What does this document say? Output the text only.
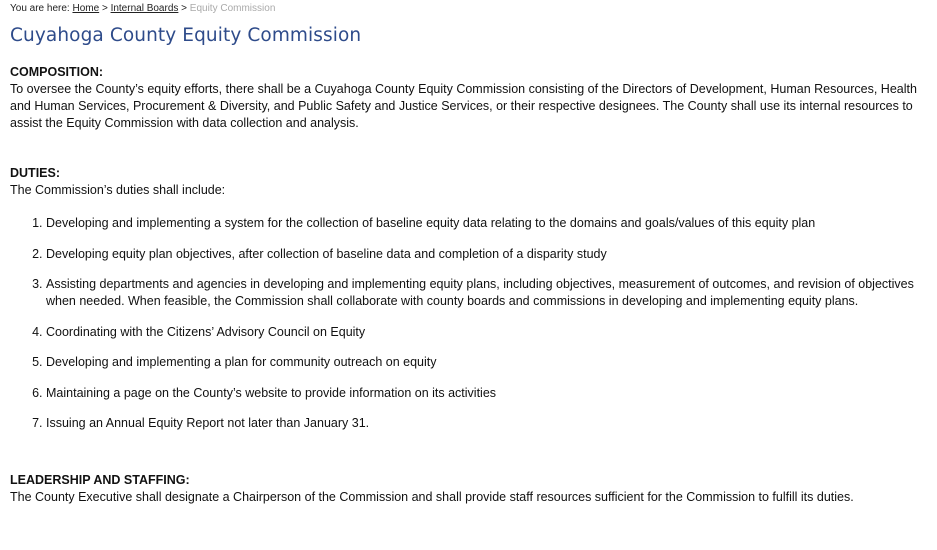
You are here: Home > Internal Boards > Equity Commission
Cuyahoga County Equity Commission

COMPOSITION:

To oversee the County’s equity efforts, there shall be a Cuyahoga County Equity Commission consisting of the Directors of Development, Human Resources, Health and Human Services, Procurement & Diversity, and Public Safety and Justice Services, or their respective designees. The County shall use its internal resources to assist the Equity Commission with data collection and analysis.

DUTIES:

The Commission’s duties shall include:

1. Developing and implementing a system for the collection of baseline equity data relating to the domains and goals/values of this equity plan
2. Developing equity plan objectives, after collection of baseline data and completion of a disparity study
3. Assisting departments and agencies in developing and implementing equity plans, including objectives, measurement of outcomes, and revision of objectives when needed. When feasible, the Commission shall collaborate with county boards and commissions in developing and implementing equity plans.
4. Coordinating with the Citizens’ Advisory Council on Equity
5. Developing and implementing a plan for community outreach on equity
6. Maintaining a page on the County’s website to provide information on its activities
7. Issuing an Annual Equity Report not later than January 31.

LEADERSHIP AND STAFFING:

The County Executive shall designate a Chairperson of the Commission and shall provide staff resources sufficient for the Commission to fulfill its duties.
